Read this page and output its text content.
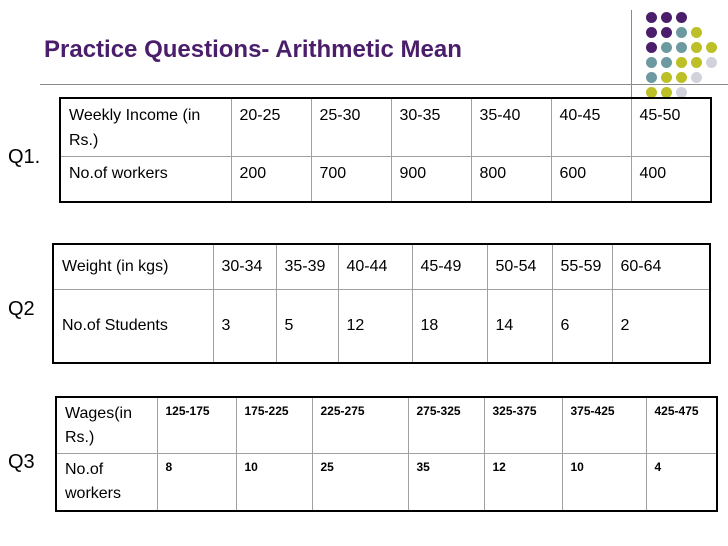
Practice Questions- Arithmetic Mean
Q1.
Weekly Income (in Rs.)	20-25	25-30	30-35	35-40	40-45	45-50
No.of workers	200	700	900	800	600	400
Q2
Weight (in kgs)	30-34	35-39	40-44	45-49	50-54	55-59	60-64
No.of Students	3	5	12	18	14	6	2
Q3
Wages(in Rs.)	125-175	175-225	225-275	275-325	325-375	375-425	425-475
No.of workers	8	10	25	35	12	10	4
